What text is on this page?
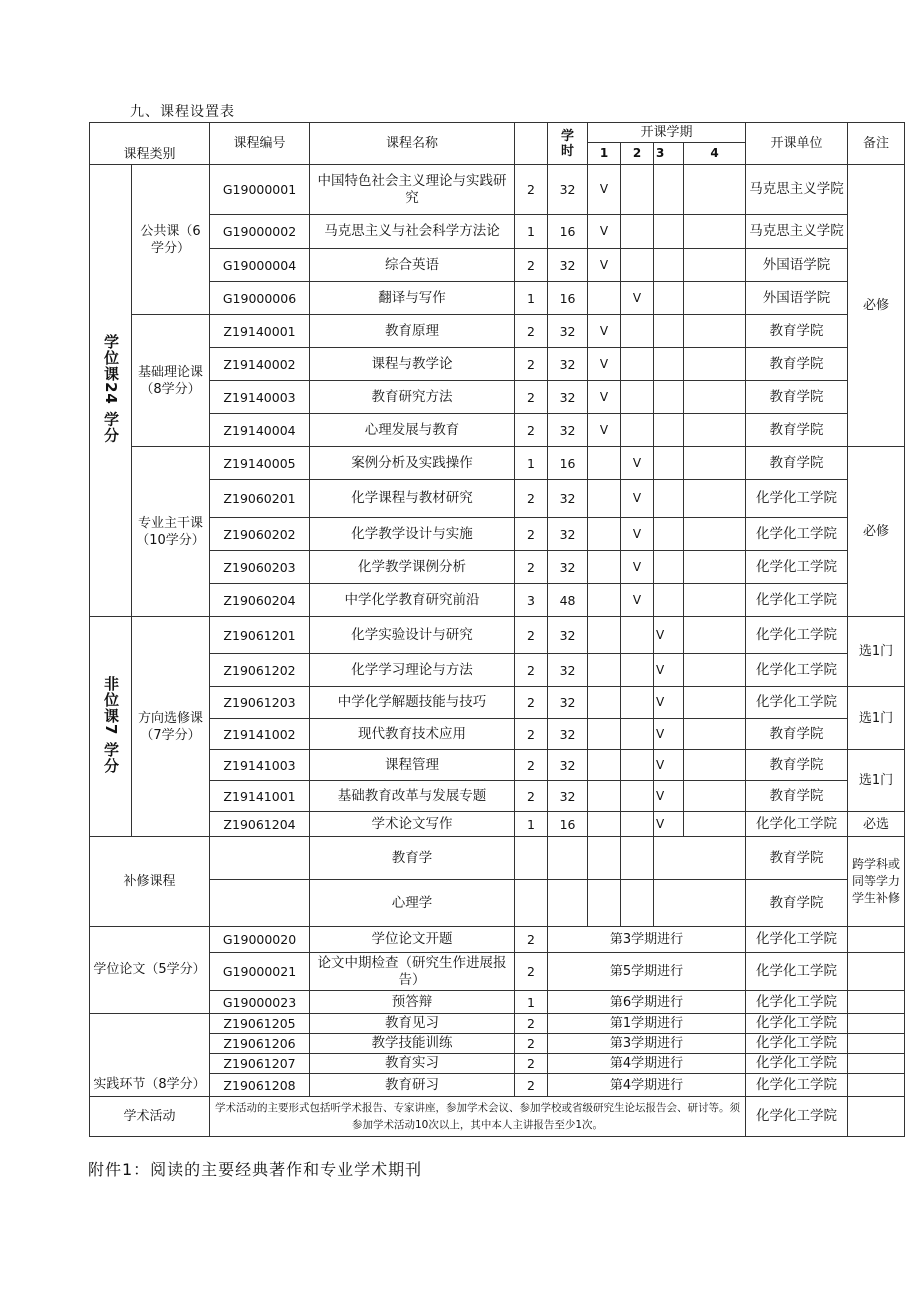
九、课程设置表
课程类别		课程编号	课程名称		学时	开课学期				开课单位	备注
						1	2	3	4		
学位课24 学分	公共课（6 学分）	G19000001	中国特色社会主义理论与实践研究	2	32	V				马克思主义学院	必修
		G19000002	马克思主义与社会科学方法论	1	16	V				马克思主义学院	
		G19000004	综合英语	2	32	V				外国语学院	
		G19000006	翻译与写作	1	16		V			外国语学院	
	基础理论课（8学分）	Z19140001	教育原理	2	32	V				教育学院	
		Z19140002	课程与教学论	2	32	V				教育学院	
		Z19140003	教育研究方法	2	32	V				教育学院	
		Z19140004	心理发展与教育	2	32	V				教育学院	
	专业主干课（10学分）	Z19140005	案例分析及实践操作	1	16		V			教育学院	必修
		Z19060201	化学课程与教材研究	2	32		V			化学化工学院	
		Z19060202	化学教学设计与实施	2	32		V			化学化工学院	
		Z19060203	化学教学课例分析	2	32		V			化学化工学院	
		Z19060204	中学化学教育研究前沿	3	48		V			化学化工学院	
非位课7 学分	方向选修课（7学分）	Z19061201	化学实验设计与研究	2	32			V		化学化工学院	选1门
		Z19061202	化学学习理论与方法	2	32			V		化学化工学院	
		Z19061203	中学化学解题技能与技巧	2	32			V		化学化工学院	选1门
		Z19141002	现代教育技术应用	2	32			V		教育学院	
		Z19141003	课程管理	2	32			V		教育学院	选1门
		Z19141001	基础教育改革与发展专题	2	32			V		教育学院	
		Z19061204	学术论文写作	1	16			V		化学化工学院	必选
补修课程			教育学							教育学院	跨学科或同等学力学生补修
			心理学							教育学院	
学位论文（5学分）		G19000020	学位论文开题	2	第3学期进行					化学化工学院	
		G19000021	论文中期检查（研究生作进展报告）	2	第5学期进行					化学化工学院	
		G19000023	预答辩	1	第6学期进行					化学化工学院	
实践环节（8学分）		Z19061205	教育见习	2	第1学期进行					化学化工学院	
		Z19061206	教学技能训练	2	第3学期进行					化学化工学院	
		Z19061207	教育实习	2	第4学期进行					化学化工学院	
		Z19061208	教育研习	2	第4学期进行					化学化工学院	
学术活动		学术活动的主要形式包括听学术报告、专家讲座，参加学术会议、参加学校或省级研究生论坛报告会、研讨等。须参加学术活动10次以上，其中本人主讲报告至少1次。								化学化工学院	
附件1：阅读的主要经典著作和专业学术期刊
